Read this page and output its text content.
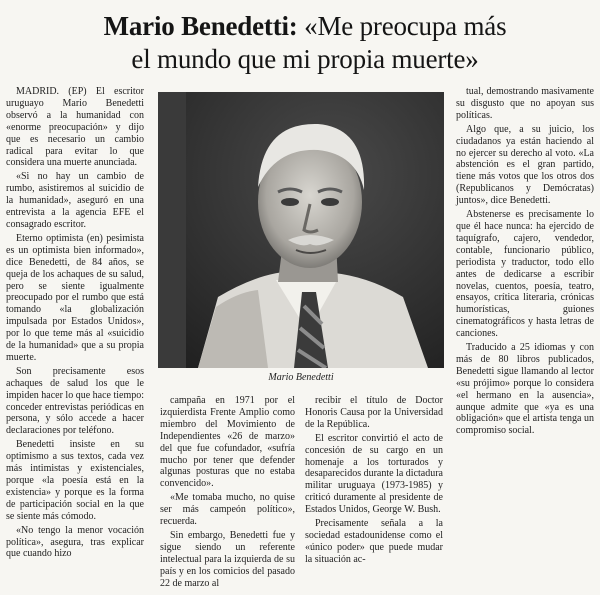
Mario Benedetti: «Me preocupa más
el mundo que mi propia muerte»

MADRID. (EP) El escritor uruguayo Mario Benedetti observó a la humanidad con «enorme preocupación» y dijo que es necesario un cambio radical para evitar lo que considera una muerte anunciada.

«Si no hay un cambio de rumbo, asistiremos al suicidio de la humanidad», aseguró en una entrevista a la agencia EFE el consagrado escritor.

Eterno optimista (en) pesimista es un optimista bien informado», dice Benedetti, de 84 años, se queja de los achaques de su salud, pero se siente igualmente preocupado por el rumbo que está tomando «la globalización impulsada por Estados Unidos», por lo que teme más al «suicidio de la humanidad» que a su propia muerte.

Son precisamente esos achaques de salud los que le impiden hacer lo que hace tiempo: conceder entrevistas periódicas en persona, y sólo accede a hacer declaraciones por teléfono.

Benedetti insiste en su optimismo a sus textos, cada vez más intimistas y existenciales, porque «la poesía está en la existencia» y porque es la forma de participación social en la que se siente más cómodo.

«No tengo la menor vocación política», asegura, tras explicar que cuando hizo

Mario Benedetti

campaña en 1971 por el izquierdista Frente Amplio como miembro del Movimiento de Independientes «26 de marzo» del que fue cofundador, «sufría mucho por tener que defender algunas posturas que no estaba convencido».

«Me tomaba mucho, no quise ser más campeón político», recuerda.

Sin embargo, Benedetti fue y sigue siendo un referente intelectual para la izquierda de su país y en los comicios del pasado 22 de marzo al

recibir el título de Doctor Honoris Causa por la Universidad de la República.

El escritor convirtió el acto de concesión de su cargo en un homenaje a los torturados y desaparecidos durante la dictadura militar uruguaya (1973-1985) y criticó duramente al presidente de Estados Unidos, George W. Bush.

Precisamente señala a la sociedad estadounidense como el «único poder» que puede mudar la situación ac-

tual, demostrando masivamente su disgusto que no apoyan sus políticas.

Algo que, a su juicio, los ciudadanos ya están haciendo al no ejercer su derecho al voto. «La abstención es el gran partido, tiene más votos que los otros dos (Republicanos y Demócratas) juntos», dice Benedetti.

Abstenerse es precisamente lo que él hace nunca: ha ejercido de taquígrafo, cajero, vendedor, contable, funcionario público, periodista y traductor, todo ello antes de dedicarse a escribir novelas, cuentos, poesía, teatro, ensayos, crítica literaria, crónicas humorísticas, guiones cinematográficos y hasta letras de canciones.

Traducido a 25 idiomas y con más de 80 libros publicados, Benedetti sigue llamando al lector «su prójimo» porque lo considera «el hermano en la ausencia», aunque admite que «ya es una obligación» que el artista tenga un compromiso social.
